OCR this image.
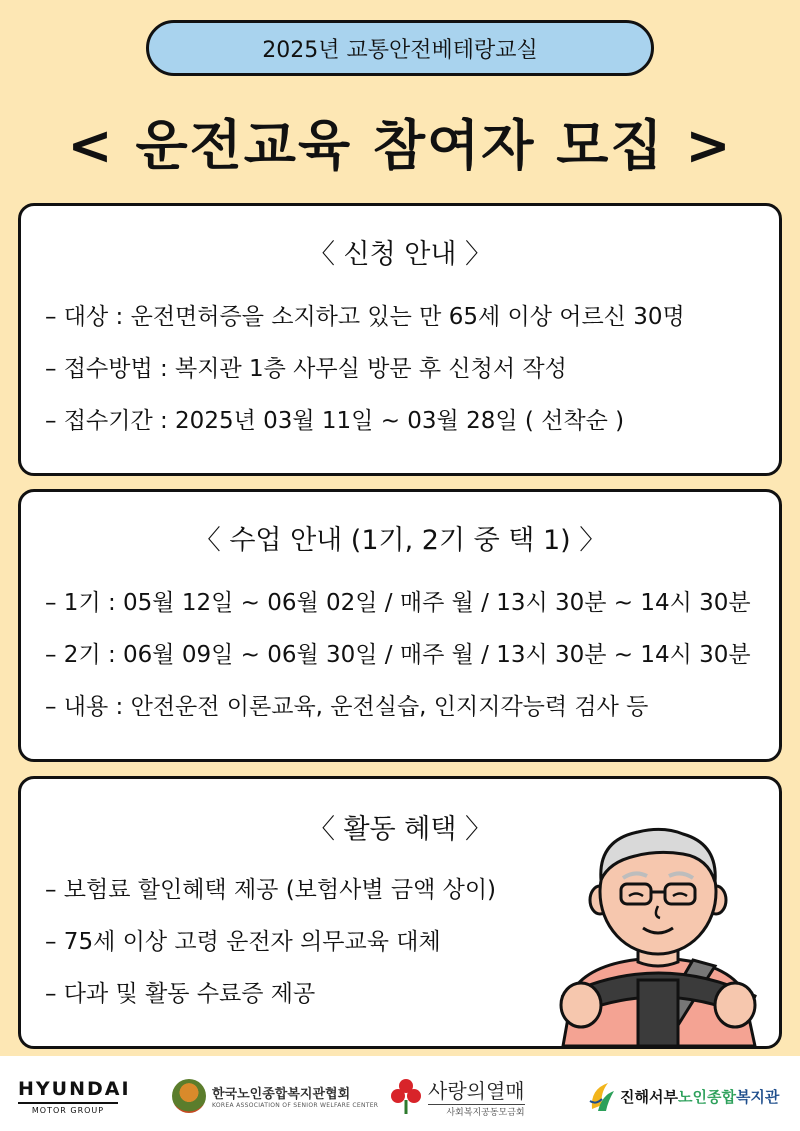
2025년 교통안전베테랑교실
< 운전교육 참여자 모집 >
〈 신청 안내 〉
– 대상 : 운전면허증을 소지하고 있는 만 65세 이상 어르신 30명
– 접수방법 : 복지관 1층 사무실 방문 후 신청서 작성
– 접수기간 : 2025년 03월 11일 ~ 03월 28일 ( 선착순 )
〈 수업 안내 (1기, 2기 중 택 1) 〉
– 1기 : 05월 12일 ~ 06월 02일 / 매주 월 / 13시 30분 ~ 14시 30분
– 2기 : 06월 09일 ~ 06월 30일 / 매주 월 / 13시 30분 ~ 14시 30분
– 내용 : 안전운전 이론교육, 운전실습, 인지지각능력 검사 등
〈 활동 혜택 〉
– 보험료 할인혜택 제공 (보험사별 금액 상이)
– 75세 이상 고령 운전자 의무교육 대체
– 다과 및 활동 수료증 제공
HYUNDAI
MOTOR GROUP
한국노인종합복지관협회
KOREA ASSOCIATION OF SENIOR WELFARE CENTER
사랑의열매
사회복지공동모금회
진해서부노인종합복지관
